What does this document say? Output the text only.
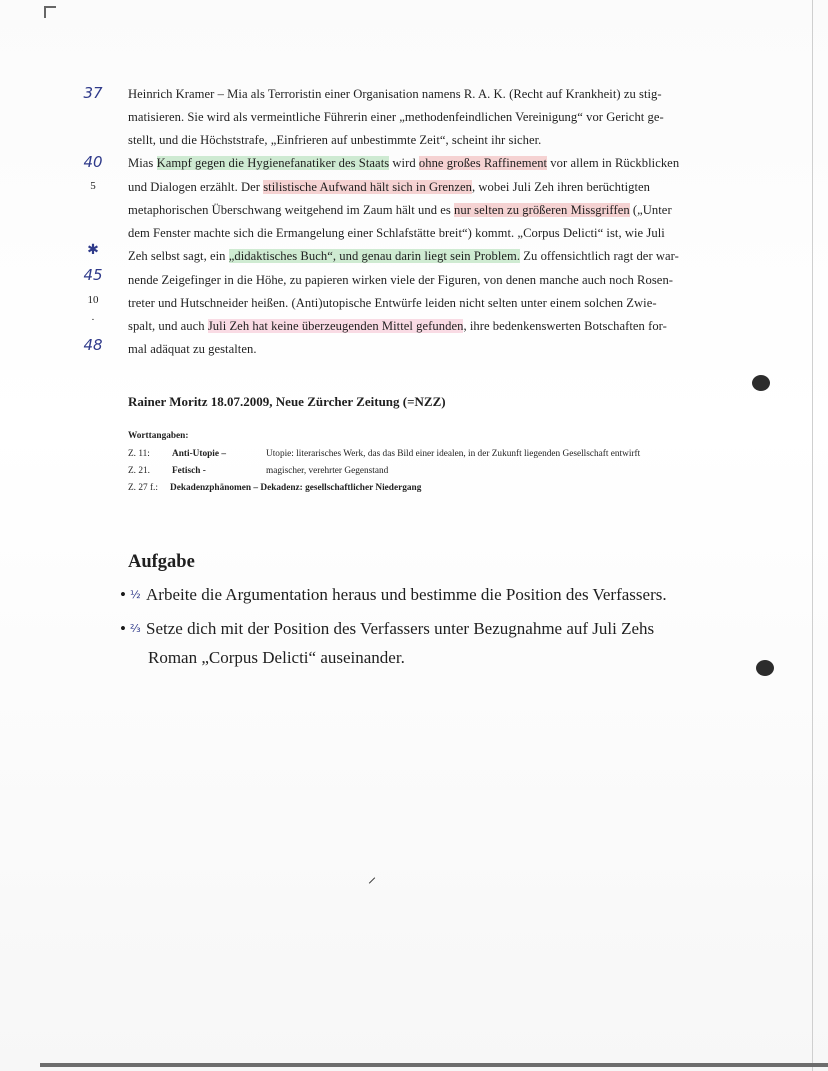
37
40
5
✱
45
10
·
48
Heinrich Kramer – Mia als Terroristin einer Organisation namens R. A. K. (Recht auf Krankheit) zu stig-
matisieren. Sie wird als vermeintliche Führerin einer „methodenfeindlichen Vereinigung“ vor Gericht ge-
stellt, und die Höchststrafe, „Einfrieren auf unbestimmte Zeit“, scheint ihr sicher.
Mias Kampf gegen die Hygienefanatiker des Staats wird ohne großes Raffinement vor allem in Rückblicken
und Dialogen erzählt. Der stilistische Aufwand hält sich in Grenzen, wobei Juli Zeh ihren berüchtigten
metaphorischen Überschwang weitgehend im Zaum hält und es nur selten zu größeren Missgriffen („Unter
dem Fenster machte sich die Ermangelung einer Schlafstätte breit“) kommt. „Corpus Delicti“ ist, wie Juli
Zeh selbst sagt, ein „didaktisches Buch“, und genau darin liegt sein Problem. Zu offensichtlich ragt der war-
nende Zeigefinger in die Höhe, zu papieren wirken viele der Figuren, von denen manche auch noch Rosen-
treter und Hutschneider heißen. (Anti)utopische Entwürfe leiden nicht selten unter einem solchen Zwie-
spalt, und auch Juli Zeh hat keine überzeugenden Mittel gefunden, ihre bedenkenswerten Botschaften for-
mal adäquat zu gestalten.
Rainer Moritz 18.07.2009, Neue Zürcher Zeitung (=NZZ)
Worttangaben:
Z. 11: Anti-Utopie –	Utopie: literarisches Werk, das das Bild einer idealen, in der Zukunft liegenden Gesellschaft entwirft
Z. 21. Fetisch -	magischer, verehrter Gegenstand
Z. 27 f.: Dekadenzphänomen – Dekadenz: gesellschaftlicher Niedergang
Aufgabe
• ½ Arbeite die Argumentation heraus und bestimme die Position des Verfassers.
• ⅔ Setze dich mit der Position des Verfassers unter Bezugnahme auf Juli Zehs
Roman „Corpus Delicti“ auseinander.
